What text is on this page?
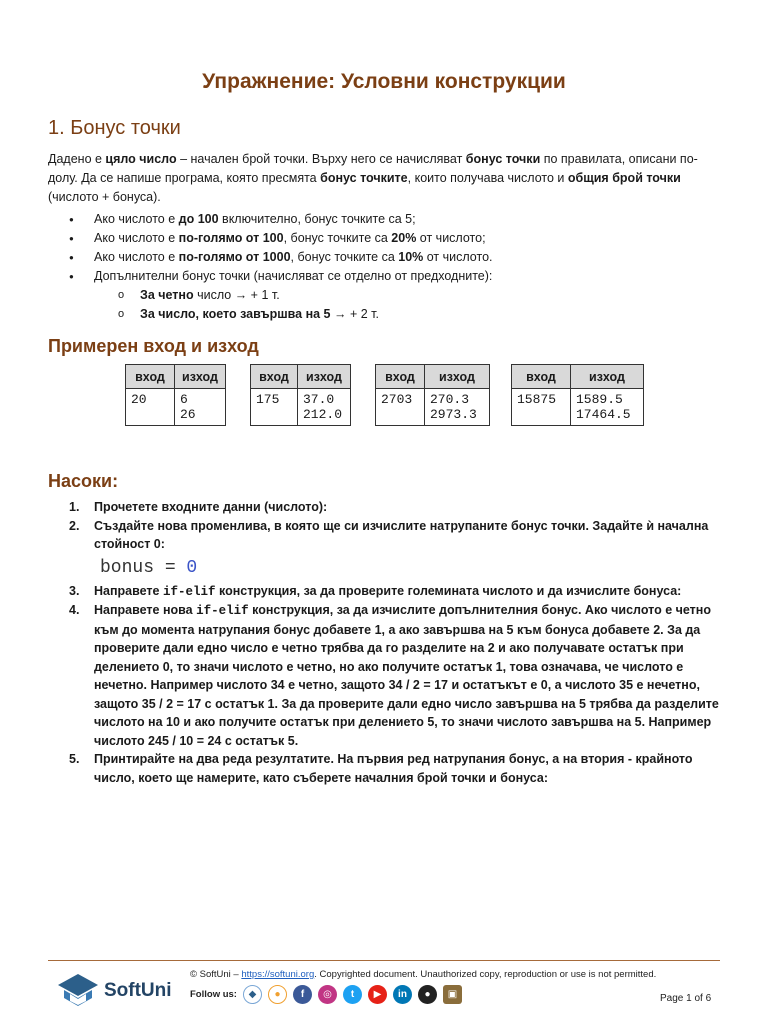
Упражнение: Условни конструкции
1. Бонус точки
Дадено е цяло число – начален брой точки. Върху него се начисляват бонус точки по правилата, описани по-долу. Да се напише програма, която пресмята бонус точките, които получава числото и общия брой точки (числото + бонуса).
● Ако числото е до 100 включително, бонус точките са 5;
● Ако числото е по-голямо от 100, бонус точките са 20% от числото;
● Ако числото е по-голямо от 1000, бонус точките са 10% от числото.
● Допълнителни бонус точки (начисляват се отделно от предходните):
o За четно число → + 1 т.
o За число, което завършва на 5 → + 2 т.
Примерен вход и изход
вход	изход
20	6
26
вход	изход
175	37.0
212.0
вход	изход
2703	270.3
2973.3
вход	изход
15875	1589.5
17464.5
Насоки:
1. Прочетете входните данни (числото):
2. Създайте нова променлива, в която ще си изчислите натрупаните бонус точки. Задайте ѝ начална стойност 0:
bonus = 0
3. Направете if-elif конструкция, за да проверите големината числото и да изчислите бонуса:
4. Направете нова if-elif конструкция, за да изчислите допълнителния бонус. Ако числото е четно към до момента натрупания бонус добавете 1, а ако завършва на 5 към бонуса добавете 2. За да проверите дали едно число е четно трябва да го разделите на 2 и ако получавате остатък при делението 0, то значи числото е четно, но ако получите остатък 1, това означава, че числото е нечетно. Например числото 34 е четно, защото 34 / 2 = 17 и остатъкът е 0, а числото 35 е нечетно, защото 35 / 2 = 17 с остатък 1. За да проверите дали едно число завършва на 5 трябва да разделите числото на 10 и ако получите остатък при делението 5, то значи числото завършва на 5. Например числото 245 / 10 = 24 с остатък 5.
5. Принтирайте на два реда резултатите. На първия ред натрупания бонус, а на втория - крайното число, което ще намерите, като съберете началния брой точки и бонуса:
SoftUni
© SoftUni – https://softuni.org. Copyrighted document. Unauthorized copy, reproduction or use is not permitted.
Follow us:	◆	●	f	◎	t	▶	in	●	▣	Page 1 of 6
